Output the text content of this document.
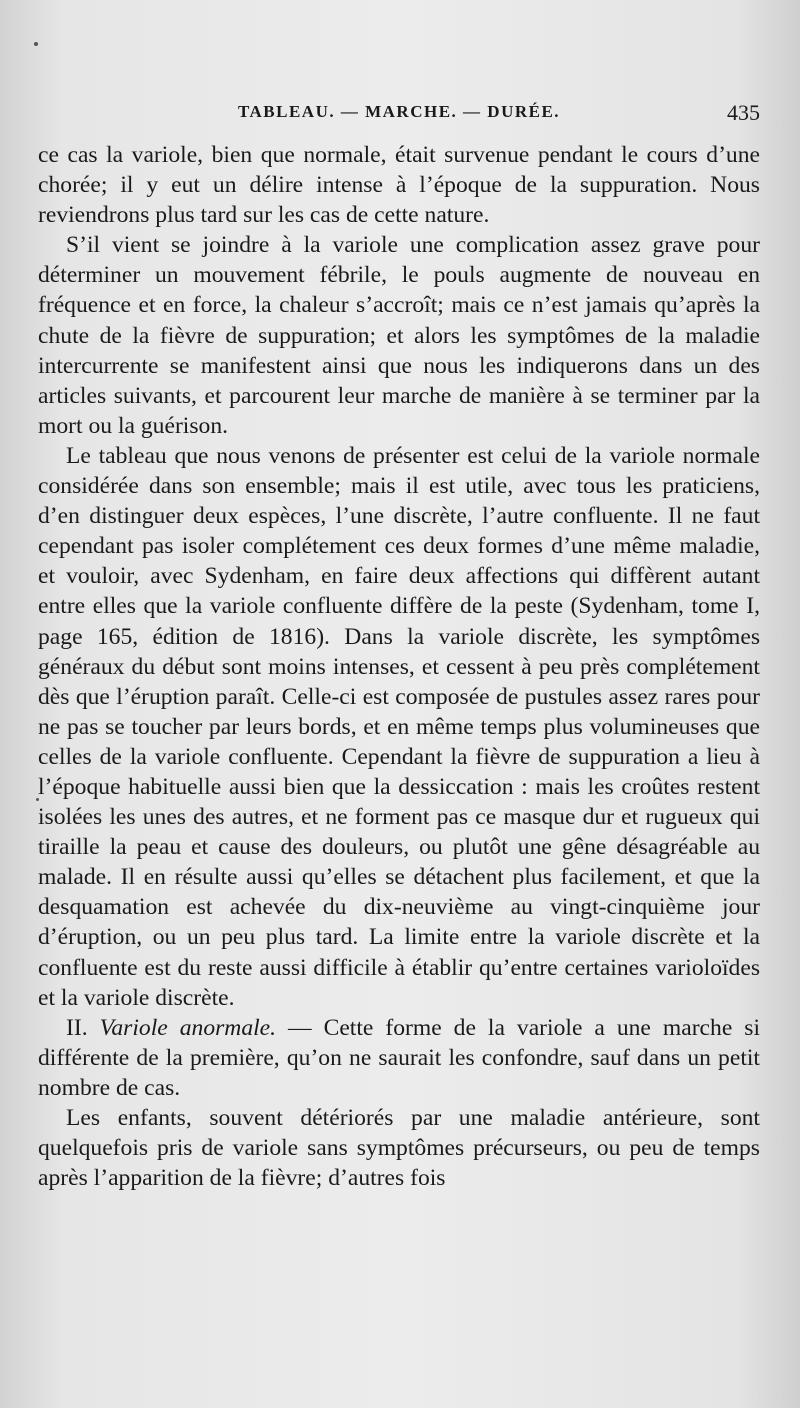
TABLEAU. — MARCHE. — DURÉE.	435

ce cas la variole, bien que normale, était survenue pendant le cours d’une chorée; il y eut un délire intense à l’époque de la suppuration. Nous reviendrons plus tard sur les cas de cette nature.

S’il vient se joindre à la variole une complication assez grave pour déterminer un mouvement fébrile, le pouls augmente de nouveau en fréquence et en force, la chaleur s’accroît; mais ce n’est jamais qu’après la chute de la fièvre de suppuration; et alors les symptômes de la maladie intercurrente se manifestent ainsi que nous les indiquerons dans un des articles suivants, et parcourent leur marche de manière à se terminer par la mort ou la guérison.

Le tableau que nous venons de présenter est celui de la variole normale considérée dans son ensemble; mais il est utile, avec tous les praticiens, d’en distinguer deux espèces, l’une discrète, l’autre confluente. Il ne faut cependant pas isoler complétement ces deux formes d’une même maladie, et vouloir, avec Sydenham, en faire deux affections qui diffèrent autant entre elles que la variole confluente diffère de la peste (Sydenham, tome I, page 165, édition de 1816). Dans la variole discrète, les symptômes généraux du début sont moins intenses, et cessent à peu près complétement dès que l’éruption paraît. Celle-ci est composée de pustules assez rares pour ne pas se toucher par leurs bords, et en même temps plus volumineuses que celles de la variole confluente. Cependant la fièvre de suppuration a lieu à l’époque habituelle aussi bien que la dessiccation : mais les croûtes restent isolées les unes des autres, et ne forment pas ce masque dur et rugueux qui tiraille la peau et cause des douleurs, ou plutôt une gêne désagréable au malade. Il en résulte aussi qu’elles se détachent plus facilement, et que la desquamation est achevée du dix-neuvième au vingt-cinquième jour d’éruption, ou un peu plus tard. La limite entre la variole discrète et la confluente est du reste aussi difficile à établir qu’entre certaines varioloïdes et la variole discrète.

II. Variole anormale. — Cette forme de la variole a une marche si différente de la première, qu’on ne saurait les confondre, sauf dans un petit nombre de cas.

Les enfants, souvent détériorés par une maladie antérieure, sont quelquefois pris de variole sans symptômes précurseurs, ou peu de temps après l’apparition de la fièvre; d’autres fois
